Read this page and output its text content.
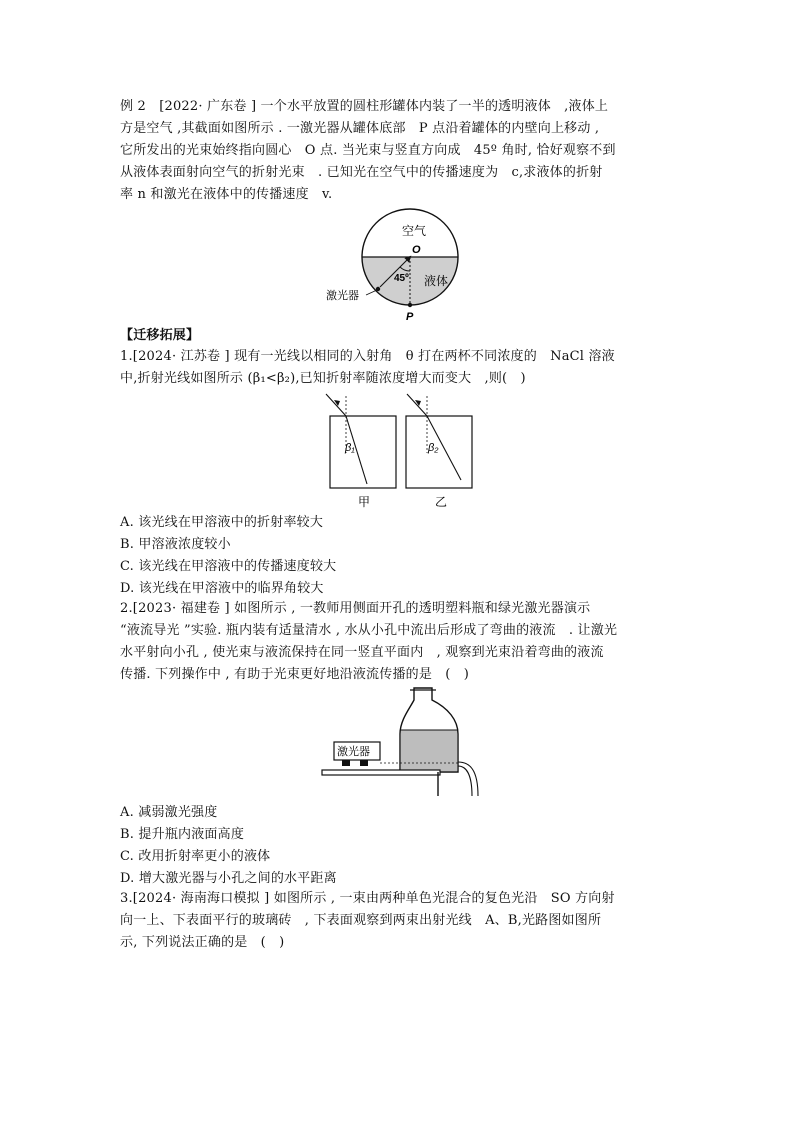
例 2　[2022· 广东卷 ] 一个水平放置的圆柱形罐体内装了一半的透明液体　,液体上
方是空气 ,其截面如图所示 . 一激光器从罐体底部　P 点沿着罐体的内壁向上移动 ,
它所发出的光束始终指向圆心　O 点. 当光束与竖直方向成　45º 角时, 恰好观察不到
从液体表面射向空气的折射光束　. 已知光在空气中的传播速度为　c,求液体的折射
率 n 和激光在液体中的传播速度　v.
空气
O
45º 液体
激光器
P
【迁移拓展】
1.[2024· 江苏卷 ] 现有一光线以相同的入射角　θ 打在两杯不同浓度的　NaCl 溶液
中,折射光线如图所示 (β₁<β₂),已知折射率随浓度增大而变大　,则(　)
β₁
甲
β₂
乙
A. 该光线在甲溶液中的折射率较大
B. 甲溶液浓度较小
C. 该光线在甲溶液中的传播速度较大
D. 该光线在甲溶液中的临界角较大
2.[2023· 福建卷 ] 如图所示 , 一教师用侧面开孔的透明塑料瓶和绿光激光器演示
“液流导光 ”实验. 瓶内装有适量清水 , 水从小孔中流出后形成了弯曲的液流　. 让激光
水平射向小孔 , 使光束与液流保持在同一竖直平面内　, 观察到光束沿着弯曲的液流
传播. 下列操作中 , 有助于光束更好地沿液流传播的是　(　)
激光器
A. 减弱激光强度
B. 提升瓶内液面高度
C. 改用折射率更小的液体
D. 增大激光器与小孔之间的水平距离
3.[2024· 海南海口模拟 ] 如图所示 , 一束由两种单色光混合的复色光沿　SO 方向射
向一上、下表面平行的玻璃砖　, 下表面观察到两束出射光线　A、B,光路图如图所
示, 下列说法正确的是　(　)
